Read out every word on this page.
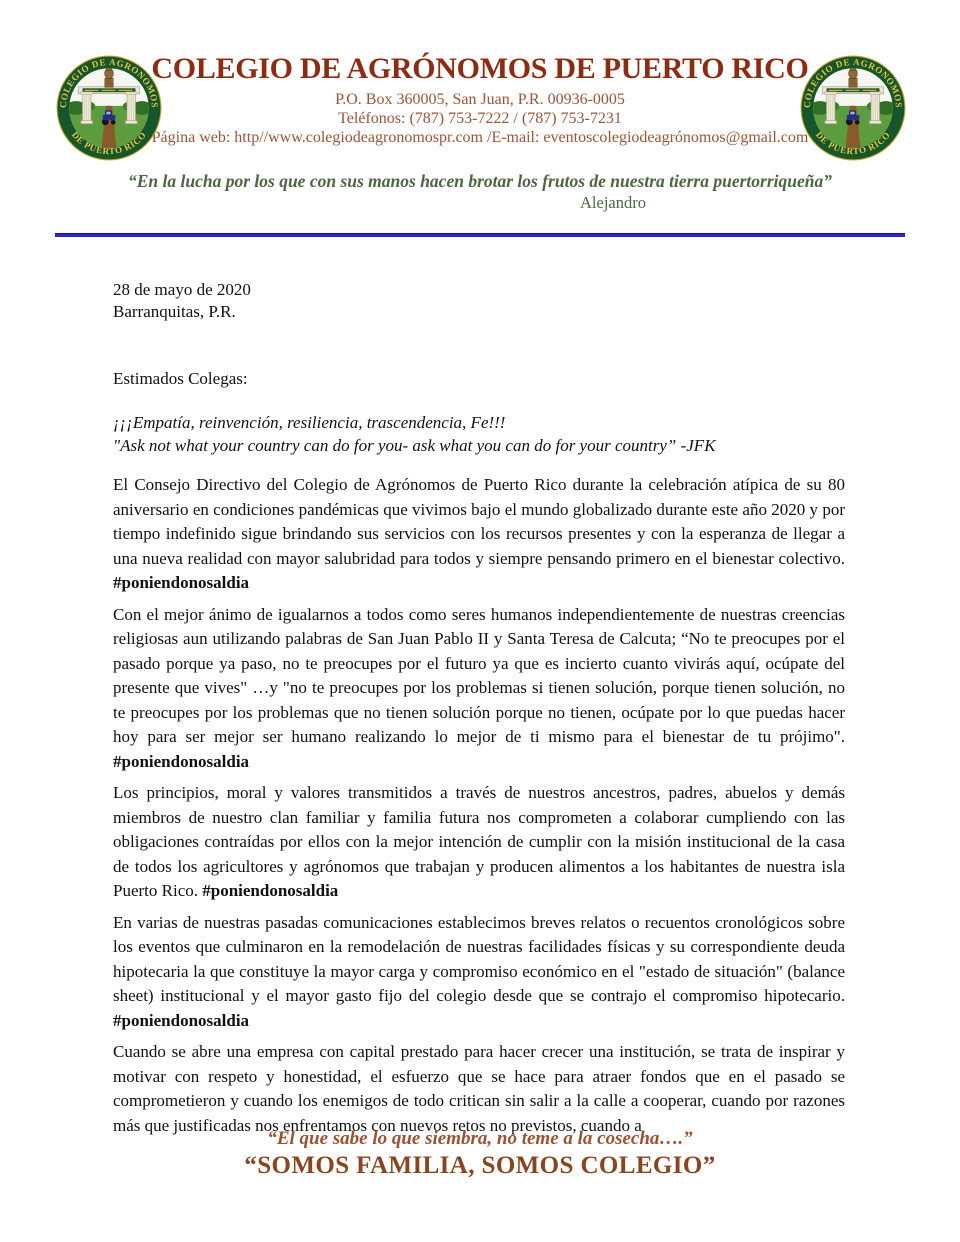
COLEGIO DE AGRÓNOMOS DE PUERTO RICO
P.O. Box 360005, San Juan, P.R. 00936-0005
Teléfonos: (787) 753-7222 / (787) 753-7231
Página web: http//www.colegiodeagronomospr.com /E-mail: eventoscolegiodeagrónomos@gmail.com
“En la lucha por los que con sus manos hacen brotar los frutos de nuestra tierra puertorriqueña”
Alejandro
28 de mayo de 2020
Barranquitas, P.R.
Estimados Colegas:
¡¡¡Empatía, reinvención, resiliencia, trascendencia, Fe!!!
"Ask not what your country can do for you- ask what you can do for your country” -JFK

El Consejo Directivo del Colegio de Agrónomos de Puerto Rico durante la celebración atípica de su 80 aniversario en condiciones pandémicas que vivimos bajo el mundo globalizado durante este año 2020 y por tiempo indefinido sigue brindando sus servicios con los recursos presentes y con la esperanza de llegar a una nueva realidad con mayor salubridad para todos y siempre pensando primero en el bienestar colectivo. #poniendonosaldia

Con el mejor ánimo de igualarnos a todos como seres humanos independientemente de nuestras creencias religiosas aun utilizando palabras de San Juan Pablo II y Santa Teresa de Calcuta; “No te preocupes por el pasado porque ya paso, no te preocupes por el futuro ya que es incierto cuanto vivirás aquí, ocúpate del presente que vives" …y "no te preocupes por los problemas si tienen solución, porque tienen solución, no te preocupes por los problemas que no tienen solución porque no tienen, ocúpate por lo que puedas hacer hoy para ser mejor ser humano realizando lo mejor de ti mismo para el bienestar de tu prójimo". #poniendonosaldia

Los principios, moral y valores transmitidos a través de nuestros ancestros, padres, abuelos y demás miembros de nuestro clan familiar y familia futura nos comprometen a colaborar cumpliendo con las obligaciones contraídas por ellos con la mejor intención de cumplir con la misión institucional de la casa de todos los agricultores y agrónomos que trabajan y producen alimentos a los habitantes de nuestra isla Puerto Rico. #poniendonosaldia

En varias de nuestras pasadas comunicaciones establecimos breves relatos o recuentos cronológicos sobre los eventos que culminaron en la remodelación de nuestras facilidades físicas y su correspondiente deuda hipotecaria la que constituye la mayor carga y compromiso económico en el "estado de situación" (balance sheet) institucional y el mayor gasto fijo del colegio desde que se contrajo el compromiso hipotecario. #poniendonosaldia

Cuando se abre una empresa con capital prestado para hacer crecer una institución, se trata de inspirar y motivar con respeto y honestidad, el esfuerzo que se hace para atraer fondos que en el pasado se comprometieron y cuando los enemigos de todo critican sin salir a la calle a cooperar, cuando por razones más que justificadas nos enfrentamos con nuevos retos no previstos, cuando a

“El que sabe lo que siembra, no teme a la cosecha….”
“SOMOS FAMILIA, SOMOS COLEGIO”
